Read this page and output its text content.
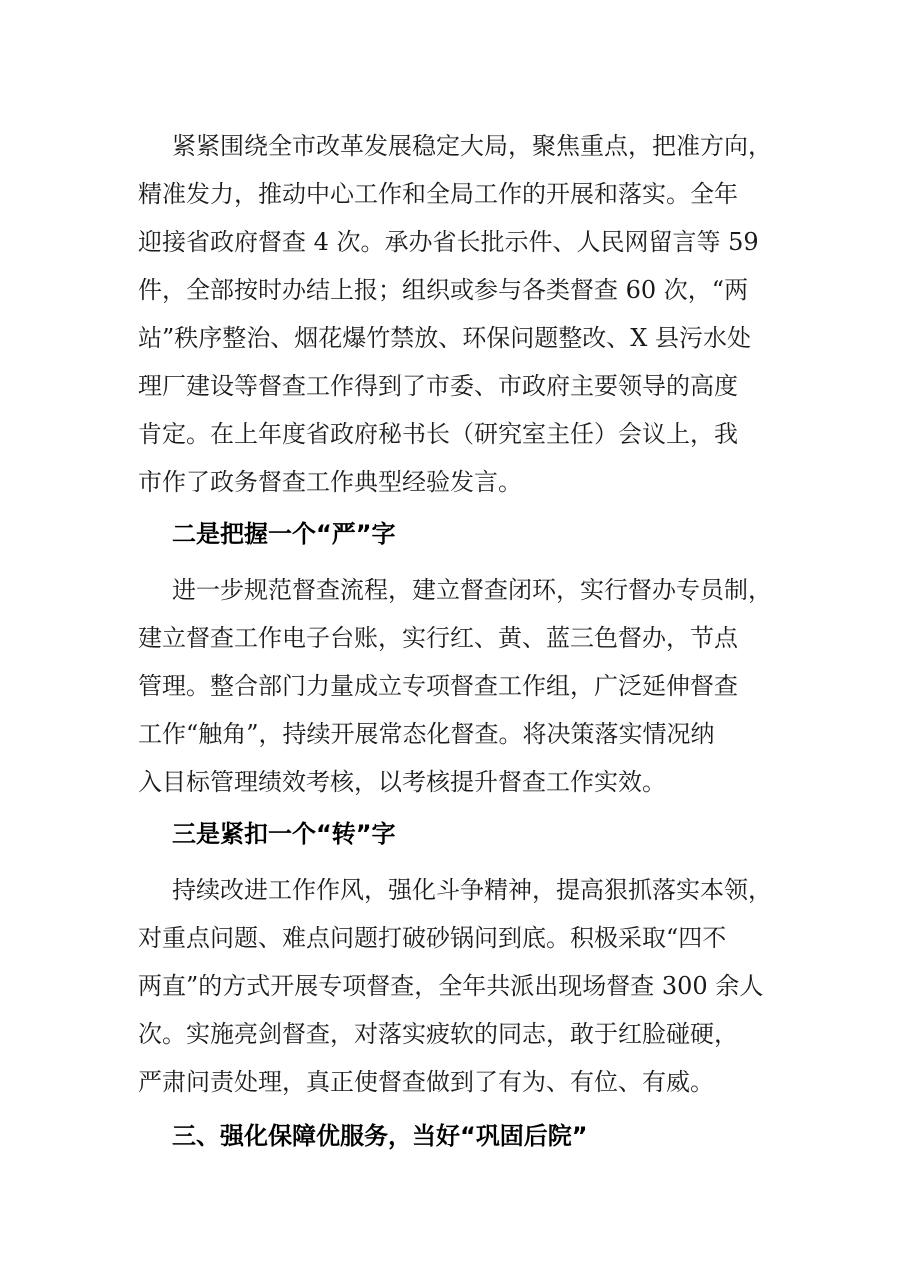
紧紧围绕全市改革发展稳定大局，聚焦重点，把准方向，
精准发力，推动中心工作和全局工作的开展和落实。全年
迎接省政府督查 4 次。承办省长批示件、人民网留言等 59
件，全部按时办结上报；组织或参与各类督查 60 次，“两
站”秩序整治、烟花爆竹禁放、环保问题整改、X 县污水处
理厂建设等督查工作得到了市委、市政府主要领导的高度
肯定。在上年度省政府秘书长（研究室主任）会议上，我
市作了政务督查工作典型经验发言。
二是把握一个“严”字
进一步规范督查流程，建立督查闭环，实行督办专员制，
建立督查工作电子台账，实行红、黄、蓝三色督办，节点
管理。整合部门力量成立专项督查工作组，广泛延伸督查
工作“触角”，持续开展常态化督查。将决策落实情况纳
入目标管理绩效考核，以考核提升督查工作实效。
三是紧扣一个“转”字
持续改进工作作风，强化斗争精神，提高狠抓落实本领，
对重点问题、难点问题打破砂锅问到底。积极采取“四不
两直”的方式开展专项督查，全年共派出现场督查 300 余人
次。实施亮剑督查，对落实疲软的同志，敢于红脸碰硬，
严肃问责处理，真正使督查做到了有为、有位、有威。
三、强化保障优服务，当好“巩固后院”
